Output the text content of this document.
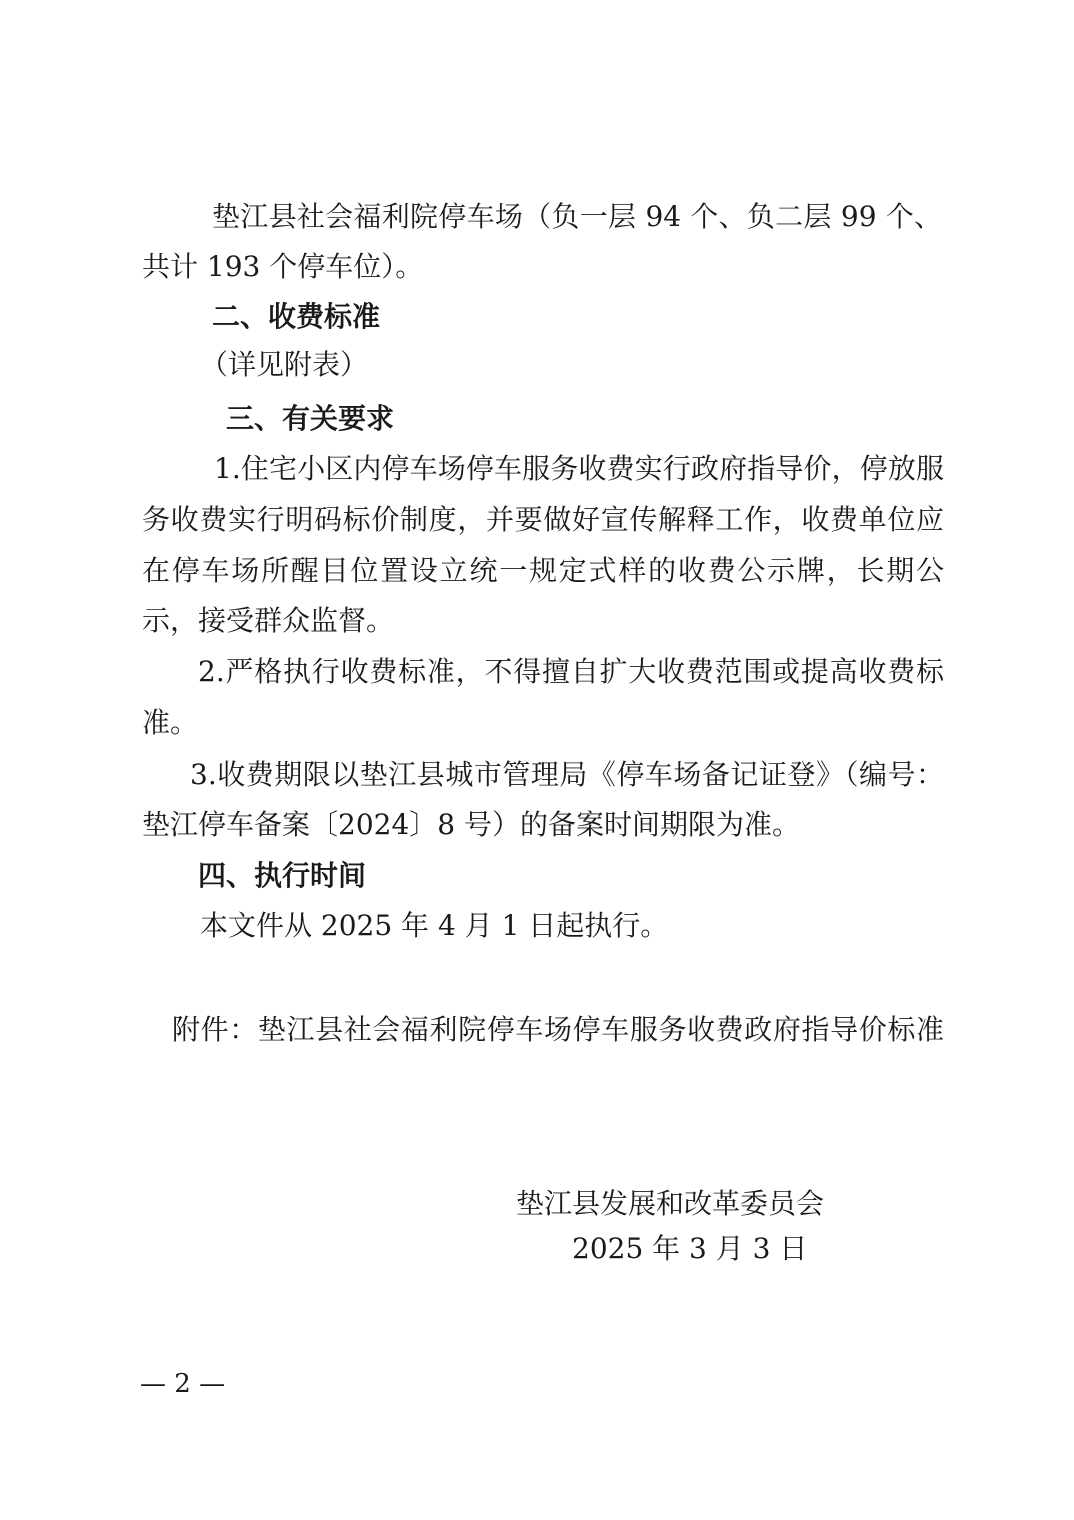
垫江县社会福利院停车场（负一层 94 个、负二层 99 个、
共计 193 个停车位）。
二、收费标准
（详见附表）
三、有关要求
1.住宅小区内停车场停车服务收费实行政府指导价，停放服
务收费实行明码标价制度，并要做好宣传解释工作，收费单位应
在停车场所醒目位置设立统一规定式样的收费公示牌，长期公
示，接受群众监督。
2.严格执行收费标准，不得擅自扩大收费范围或提高收费标
准。
3.收费期限以垫江县城市管理局《停车场备记证登》（编号：
垫江停车备案〔2024〕8 号）的备案时间期限为准。
四、执行时间
本文件从 2025 年 4 月 1 日起执行。
附件：垫江县社会福利院停车场停车服务收费政府指导价标准
垫江县发展和改革委员会
2025 年 3 月 3 日
— 2 —
